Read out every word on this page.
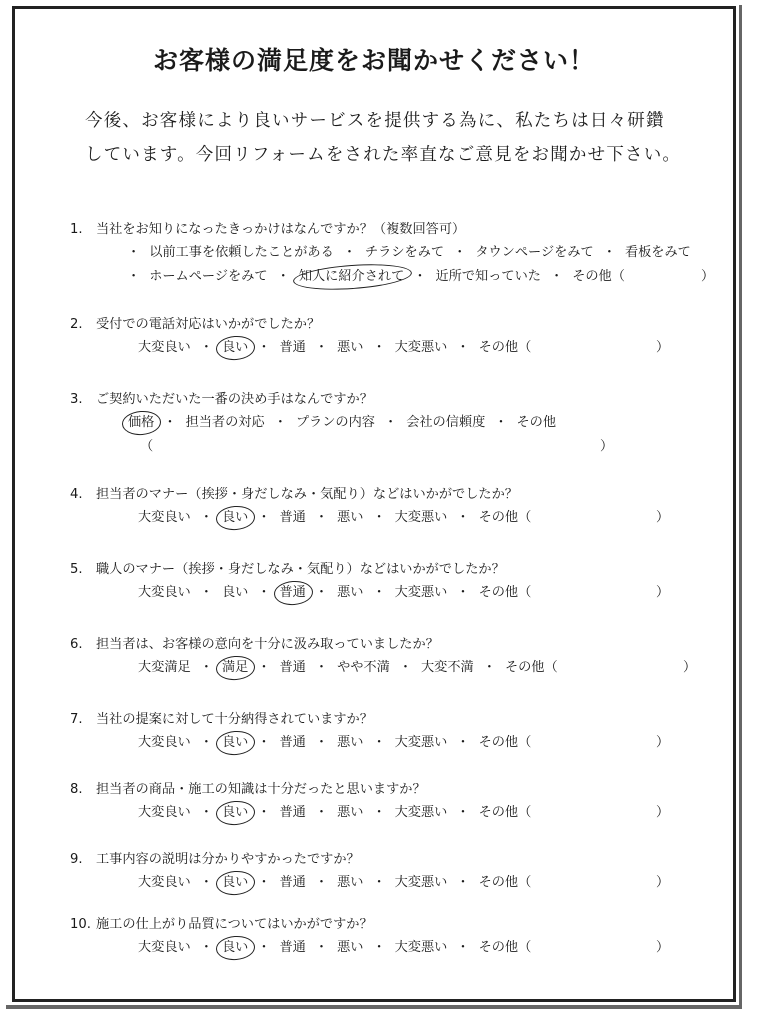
お客様の満足度をお聞かせください！

今後、お客様により良いサービスを提供する為に、私たちは日々研鑽

しています。今回リフォームをされた率直なご意見をお聞かせ下さい。

1. 当社をお知りになったきっかけはなんですか？（複数回答可）

・ 以前工事を依頼したことがある ・ チラシをみて ・ タウンページをみて ・ 看板をみて
・ ホームページをみて ・ 知人に紹介されて ・ 近所で知っていた ・ その他（	）

2. 受付での電話対応はいかがでしたか？

大変良い ・ 良い ・ 普通 ・ 悪い ・ 大変悪い ・ その他（	）

3. ご契約いただいた一番の決め手はなんですか？

価格 ・ 担当者の対応 ・ プランの内容 ・ 会社の信頼度 ・ その他
（	）

4. 担当者のマナー（挨拶・身だしなみ・気配り）などはいかがでしたか？

大変良い ・ 良い ・ 普通 ・ 悪い ・ 大変悪い ・ その他（	）

5. 職人のマナー（挨拶・身だしなみ・気配り）などはいかがでしたか？

大変良い ・ 良い ・ 普通 ・ 悪い ・ 大変悪い ・ その他（	）

6. 担当者は、お客様の意向を十分に汲み取っていましたか？

大変満足 ・ 満足 ・ 普通 ・ やや不満 ・ 大変不満 ・ その他（	）

7. 当社の提案に対して十分納得されていますか？

大変良い ・ 良い ・ 普通 ・ 悪い ・ 大変悪い ・ その他（	）

8. 担当者の商品・施工の知識は十分だったと思いますか？

大変良い ・ 良い ・ 普通 ・ 悪い ・ 大変悪い ・ その他（	）

9. 工事内容の説明は分かりやすかったですか？

大変良い ・ 良い ・ 普通 ・ 悪い ・ 大変悪い ・ その他（	）

10. 施工の仕上がり品質についてはいかがですか？

大変良い ・ 良い ・ 普通 ・ 悪い ・ 大変悪い ・ その他（	）
